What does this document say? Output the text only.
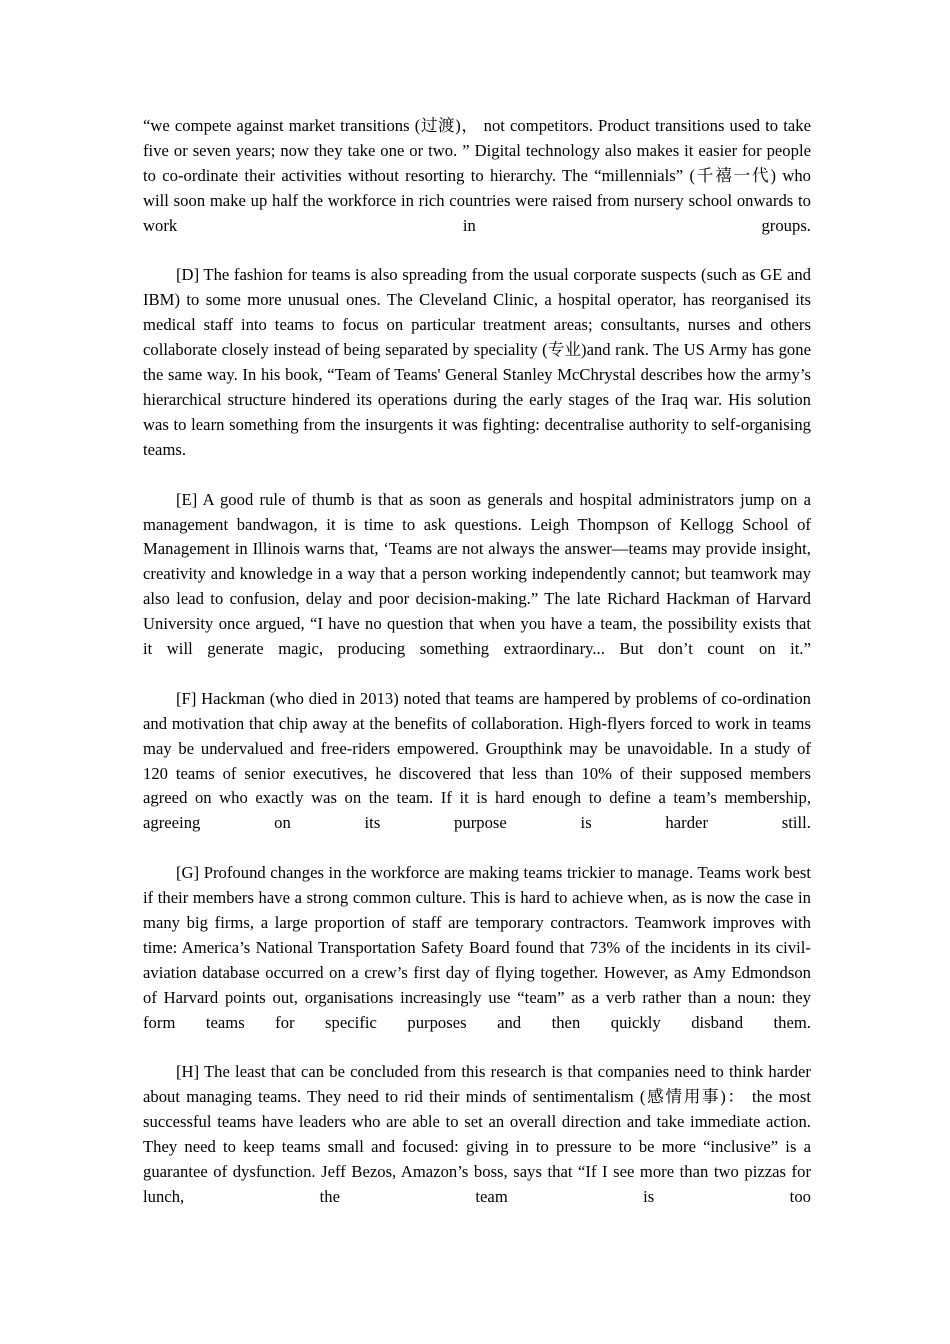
“we compete against market transitions (过渡)， not competitors. Product transitions used to take five or seven years; now they take one or two. ” Digital technology also makes it easier for people to co-ordinate their activities without resorting to hierarchy. The “millennials” (千禧一代) who will soon make up half the workforce in rich countries were raised from nursery school onwards to work in groups.

[D] The fashion for teams is also spreading from the usual corporate suspects (such as GE and IBM) to some more unusual ones. The Cleveland Clinic, a hospital operator, has reorganised its medical staff into teams to focus on particular treatment areas; consultants, nurses and others collaborate closely instead of being separated by speciality (专业)and rank. The US Army has gone the same way. In his book, “Team of Teams' General Stanley McChrystal describes how the army’s hierarchical structure hindered its operations during the early stages of the Iraq war. His solution was to learn something from the insurgents it was fighting: decentralise authority to self-organising teams.

[E] A good rule of thumb is that as soon as generals and hospital administrators jump on a management bandwagon, it is time to ask questions. Leigh Thompson of Kellogg School of Management in Illinois warns that, ‘Teams are not always the answer—teams may provide insight, creativity and knowledge in a way that a person working independently cannot; but teamwork may also lead to confusion, delay and poor decision-making.” The late Richard Hackman of Harvard University once argued, “I have no question that when you have a team, the possibility exists that it will generate magic, producing something extraordinary... But don’t count on it.”

[F] Hackman (who died in 2013) noted that teams are hampered by problems of co-ordination and motivation that chip away at the benefits of collaboration. High-flyers forced to work in teams may be undervalued and free-riders empowered. Groupthink may be unavoidable. In a study of 120 teams of senior executives, he discovered that less than 10% of their supposed members agreed on who exactly was on the team. If it is hard enough to define a team’s membership, agreeing on its purpose is harder still.

[G] Profound changes in the workforce are making teams trickier to manage. Teams work best if their members have a strong common culture. This is hard to achieve when, as is now the case in many big firms, a large proportion of staff are temporary contractors. Teamwork improves with time: America’s National Transportation Safety Board found that 73% of the incidents in its civil-aviation database occurred on a crew’s first day of flying together. However, as Amy Edmondson of Harvard points out, organisations increasingly use “team” as a verb rather than a noun: they form teams for specific purposes and then quickly disband them.

[H] The least that can be concluded from this research is that companies need to think harder about managing teams. They need to rid their minds of sentimentalism (感情用事)： the most successful teams have leaders who are able to set an overall direction and take immediate action. They need to keep teams small and focused: giving in to pressure to be more “inclusive” is a guarantee of dysfunction. Jeff Bezos, Amazon’s boss, says that “If I see more than two pizzas for lunch, the team is too
